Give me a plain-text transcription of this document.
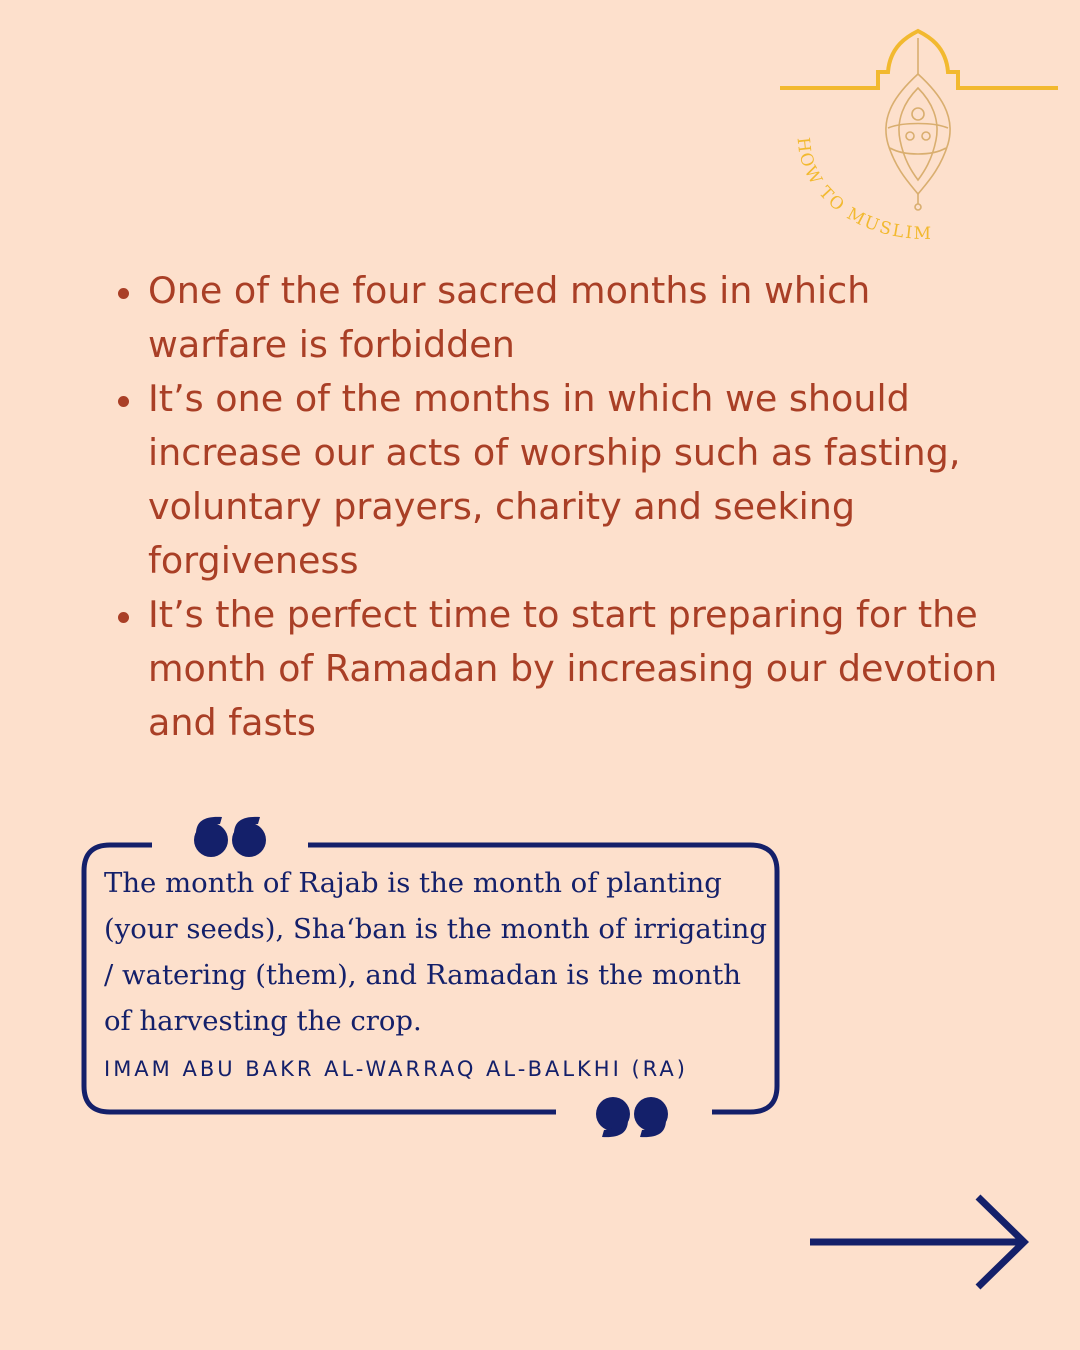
HOW TO MUSLIM
One of the four sacred months in which warfare is forbidden
It’s one of the months in which we should increase our acts of worship such as fasting, voluntary prayers, charity and seeking forgiveness
It’s the perfect time to start preparing for the month of Ramadan by increasing our devotion and fasts

The month of Rajab is the month of planting (your seeds), Sha‘ban is the month of irrigating / watering (them), and Ramadan is the month of harvesting the crop.

IMAM ABU BAKR AL-WARRAQ AL-BALKHI (RA)
